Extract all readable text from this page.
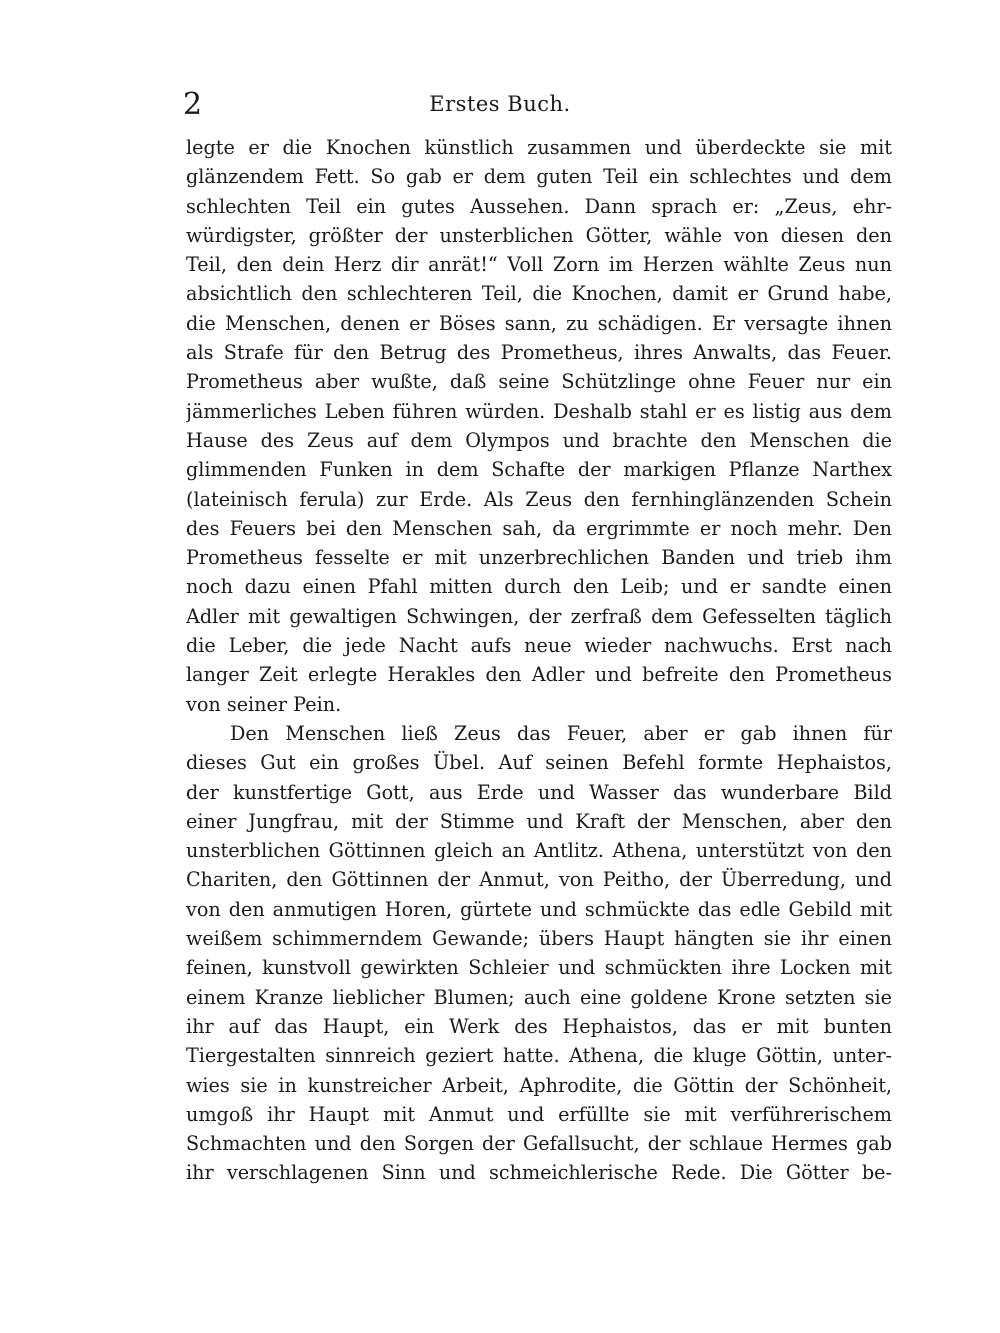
2	Erstes Buch.
legte er die Knochen künstlich zusammen und überdeckte sie mit
glänzendem Fett. So gab er dem guten Teil ein schlechtes und dem
schlechten Teil ein gutes Aussehen. Dann sprach er: „Zeus, ehr-
würdigster, größter der unsterblichen Götter, wähle von diesen den
Teil, den dein Herz dir anrät!“ Voll Zorn im Herzen wählte Zeus nun
absichtlich den schlechteren Teil, die Knochen, damit er Grund habe,
die Menschen, denen er Böses sann, zu schädigen. Er versagte ihnen
als Strafe für den Betrug des Prometheus, ihres Anwalts, das Feuer.
Prometheus aber wußte, daß seine Schützlinge ohne Feuer nur ein
jämmerliches Leben führen würden. Deshalb stahl er es listig aus dem
Hause des Zeus auf dem Olympos und brachte den Menschen die
glimmenden Funken in dem Schafte der markigen Pflanze Narthex
(lateinisch ferula) zur Erde. Als Zeus den fernhinglänzenden Schein
des Feuers bei den Menschen sah, da ergrimmte er noch mehr. Den
Prometheus fesselte er mit unzerbrechlichen Banden und trieb ihm
noch dazu einen Pfahl mitten durch den Leib; und er sandte einen
Adler mit gewaltigen Schwingen, der zerfraß dem Gefesselten täglich
die Leber, die jede Nacht aufs neue wieder nachwuchs. Erst nach
langer Zeit erlegte Herakles den Adler und befreite den Prometheus
von seiner Pein.
Den Menschen ließ Zeus das Feuer, aber er gab ihnen für
dieses Gut ein großes Übel. Auf seinen Befehl formte Hephaistos,
der kunstfertige Gott, aus Erde und Wasser das wunderbare Bild
einer Jungfrau, mit der Stimme und Kraft der Menschen, aber den
unsterblichen Göttinnen gleich an Antlitz. Athena, unterstützt von den
Chariten, den Göttinnen der Anmut, von Peitho, der Überredung, und
von den anmutigen Horen, gürtete und schmückte das edle Gebild mit
weißem schimmerndem Gewande; übers Haupt hängten sie ihr einen
feinen, kunstvoll gewirkten Schleier und schmückten ihre Locken mit
einem Kranze lieblicher Blumen; auch eine goldene Krone setzten sie
ihr auf das Haupt, ein Werk des Hephaistos, das er mit bunten
Tiergestalten sinnreich geziert hatte. Athena, die kluge Göttin, unter-
wies sie in kunstreicher Arbeit, Aphrodite, die Göttin der Schönheit,
umgoß ihr Haupt mit Anmut und erfüllte sie mit verführerischem
Schmachten und den Sorgen der Gefallsucht, der schlaue Hermes gab
ihr verschlagenen Sinn und schmeichlerische Rede. Die Götter be-
